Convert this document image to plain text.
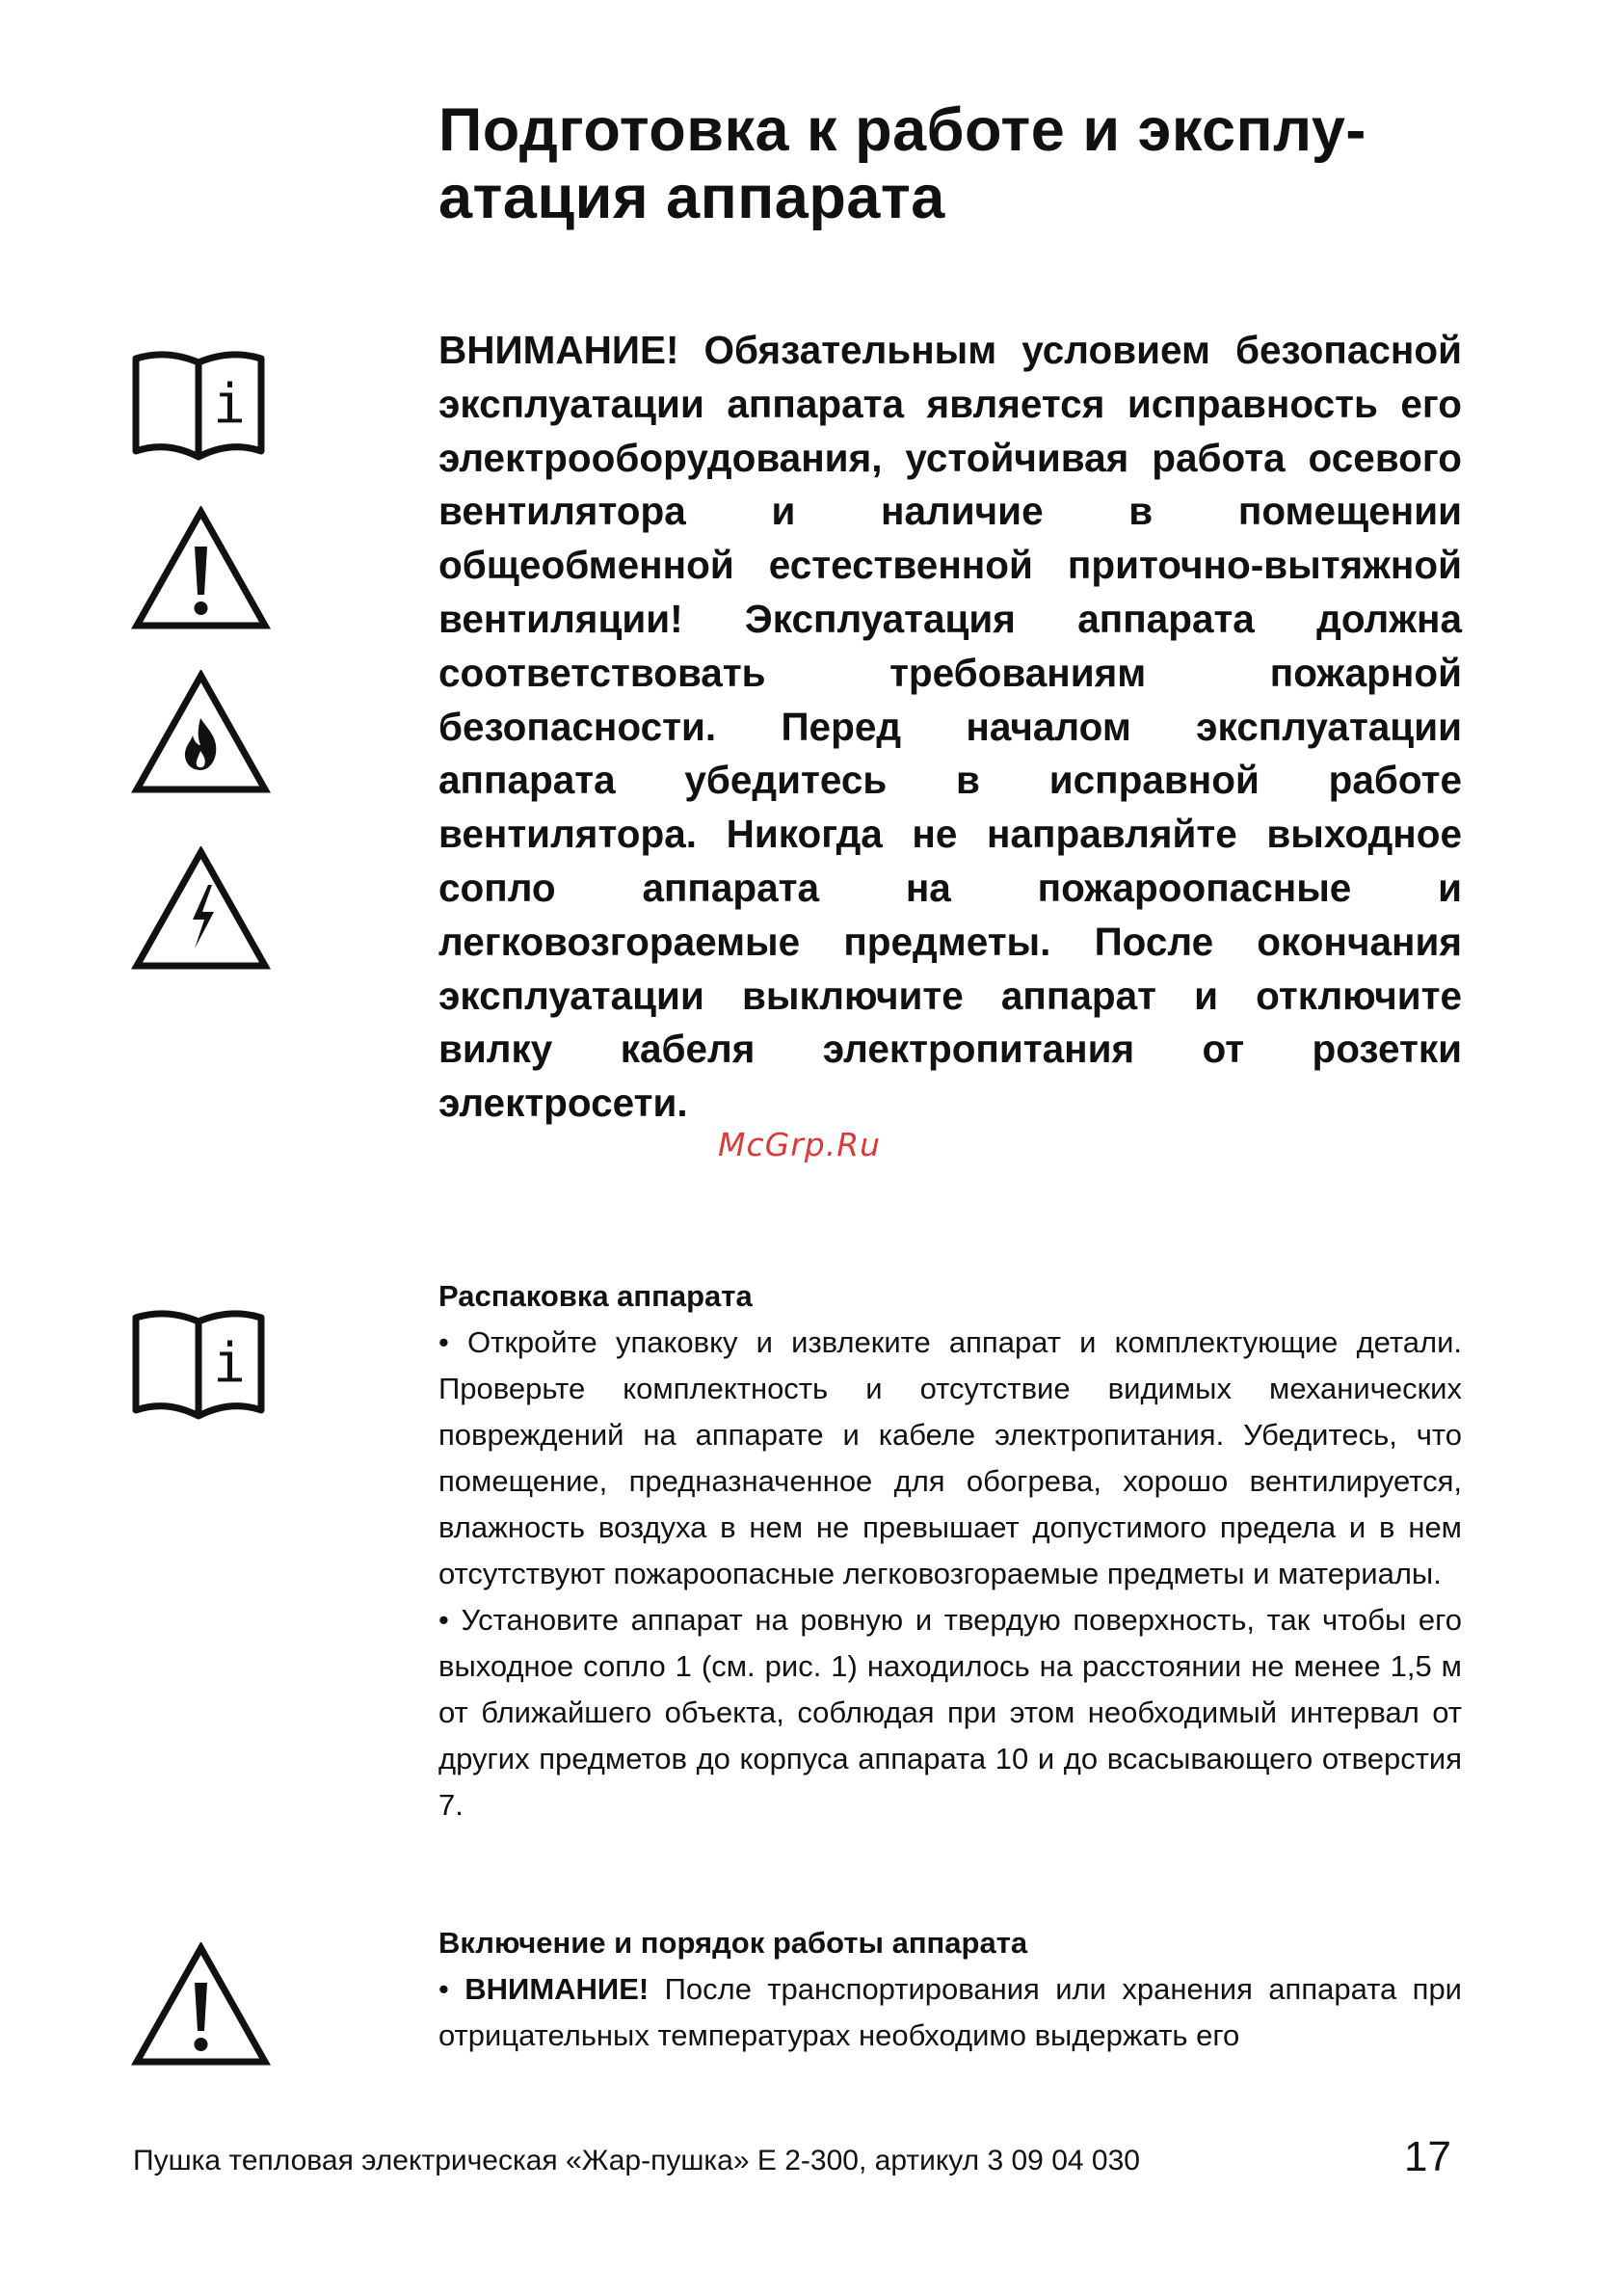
Подготовка к работе и эксплу-
атация аппарата
i
i

ВНИМАНИЕ! Обязательным условием безопасной эксплуатации аппарата является исправность его электрооборудования, устойчивая работа осевого вентилятора и наличие в помещении общеобменной естественной приточно-вытяжной вентиляции! Эксплуатация аппарата должна соответствовать требованиям пожарной безопасности. Перед началом эксплуатации аппарата убедитесь в исправной работе вентилятора. Никогда не направляйте выходное сопло аппарата на пожароопасные и легковозгораемые предметы. После окончания эксплуатации выключите аппарат и отключите вилку кабеля электропитания от розетки электросети.

McGrp.Ru
Распаковка аппарата

• Откройте упаковку и извлеките аппарат и комплектующие детали. Проверьте комплектность и отсутствие видимых механических повреждений на аппарате и кабеле электропитания. Убедитесь, что помещение, предназначенное для обогрева, хорошо вентилируется, влажность воздуха в нем не превышает допустимого предела и в нем отсутствуют пожароопасные легковозгораемые предметы и материалы.

• Установите аппарат на ровную и твердую поверхность, так чтобы его выходное сопло 1 (см. рис. 1) находилось на расстоянии не менее 1,5 м от ближайшего объекта, соблюдая при этом необходимый интервал от других предметов до корпуса аппарата 10 и до всасывающего отверстия 7.

Включение и порядок работы аппарата

• ВНИМАНИЕ! После транспортирования или хранения аппарата при отрицательных температурах необходимо выдержать его

Пушка тепловая электрическая «Жар-пушка» Е 2-300, артикул 3 09 04 030	17
